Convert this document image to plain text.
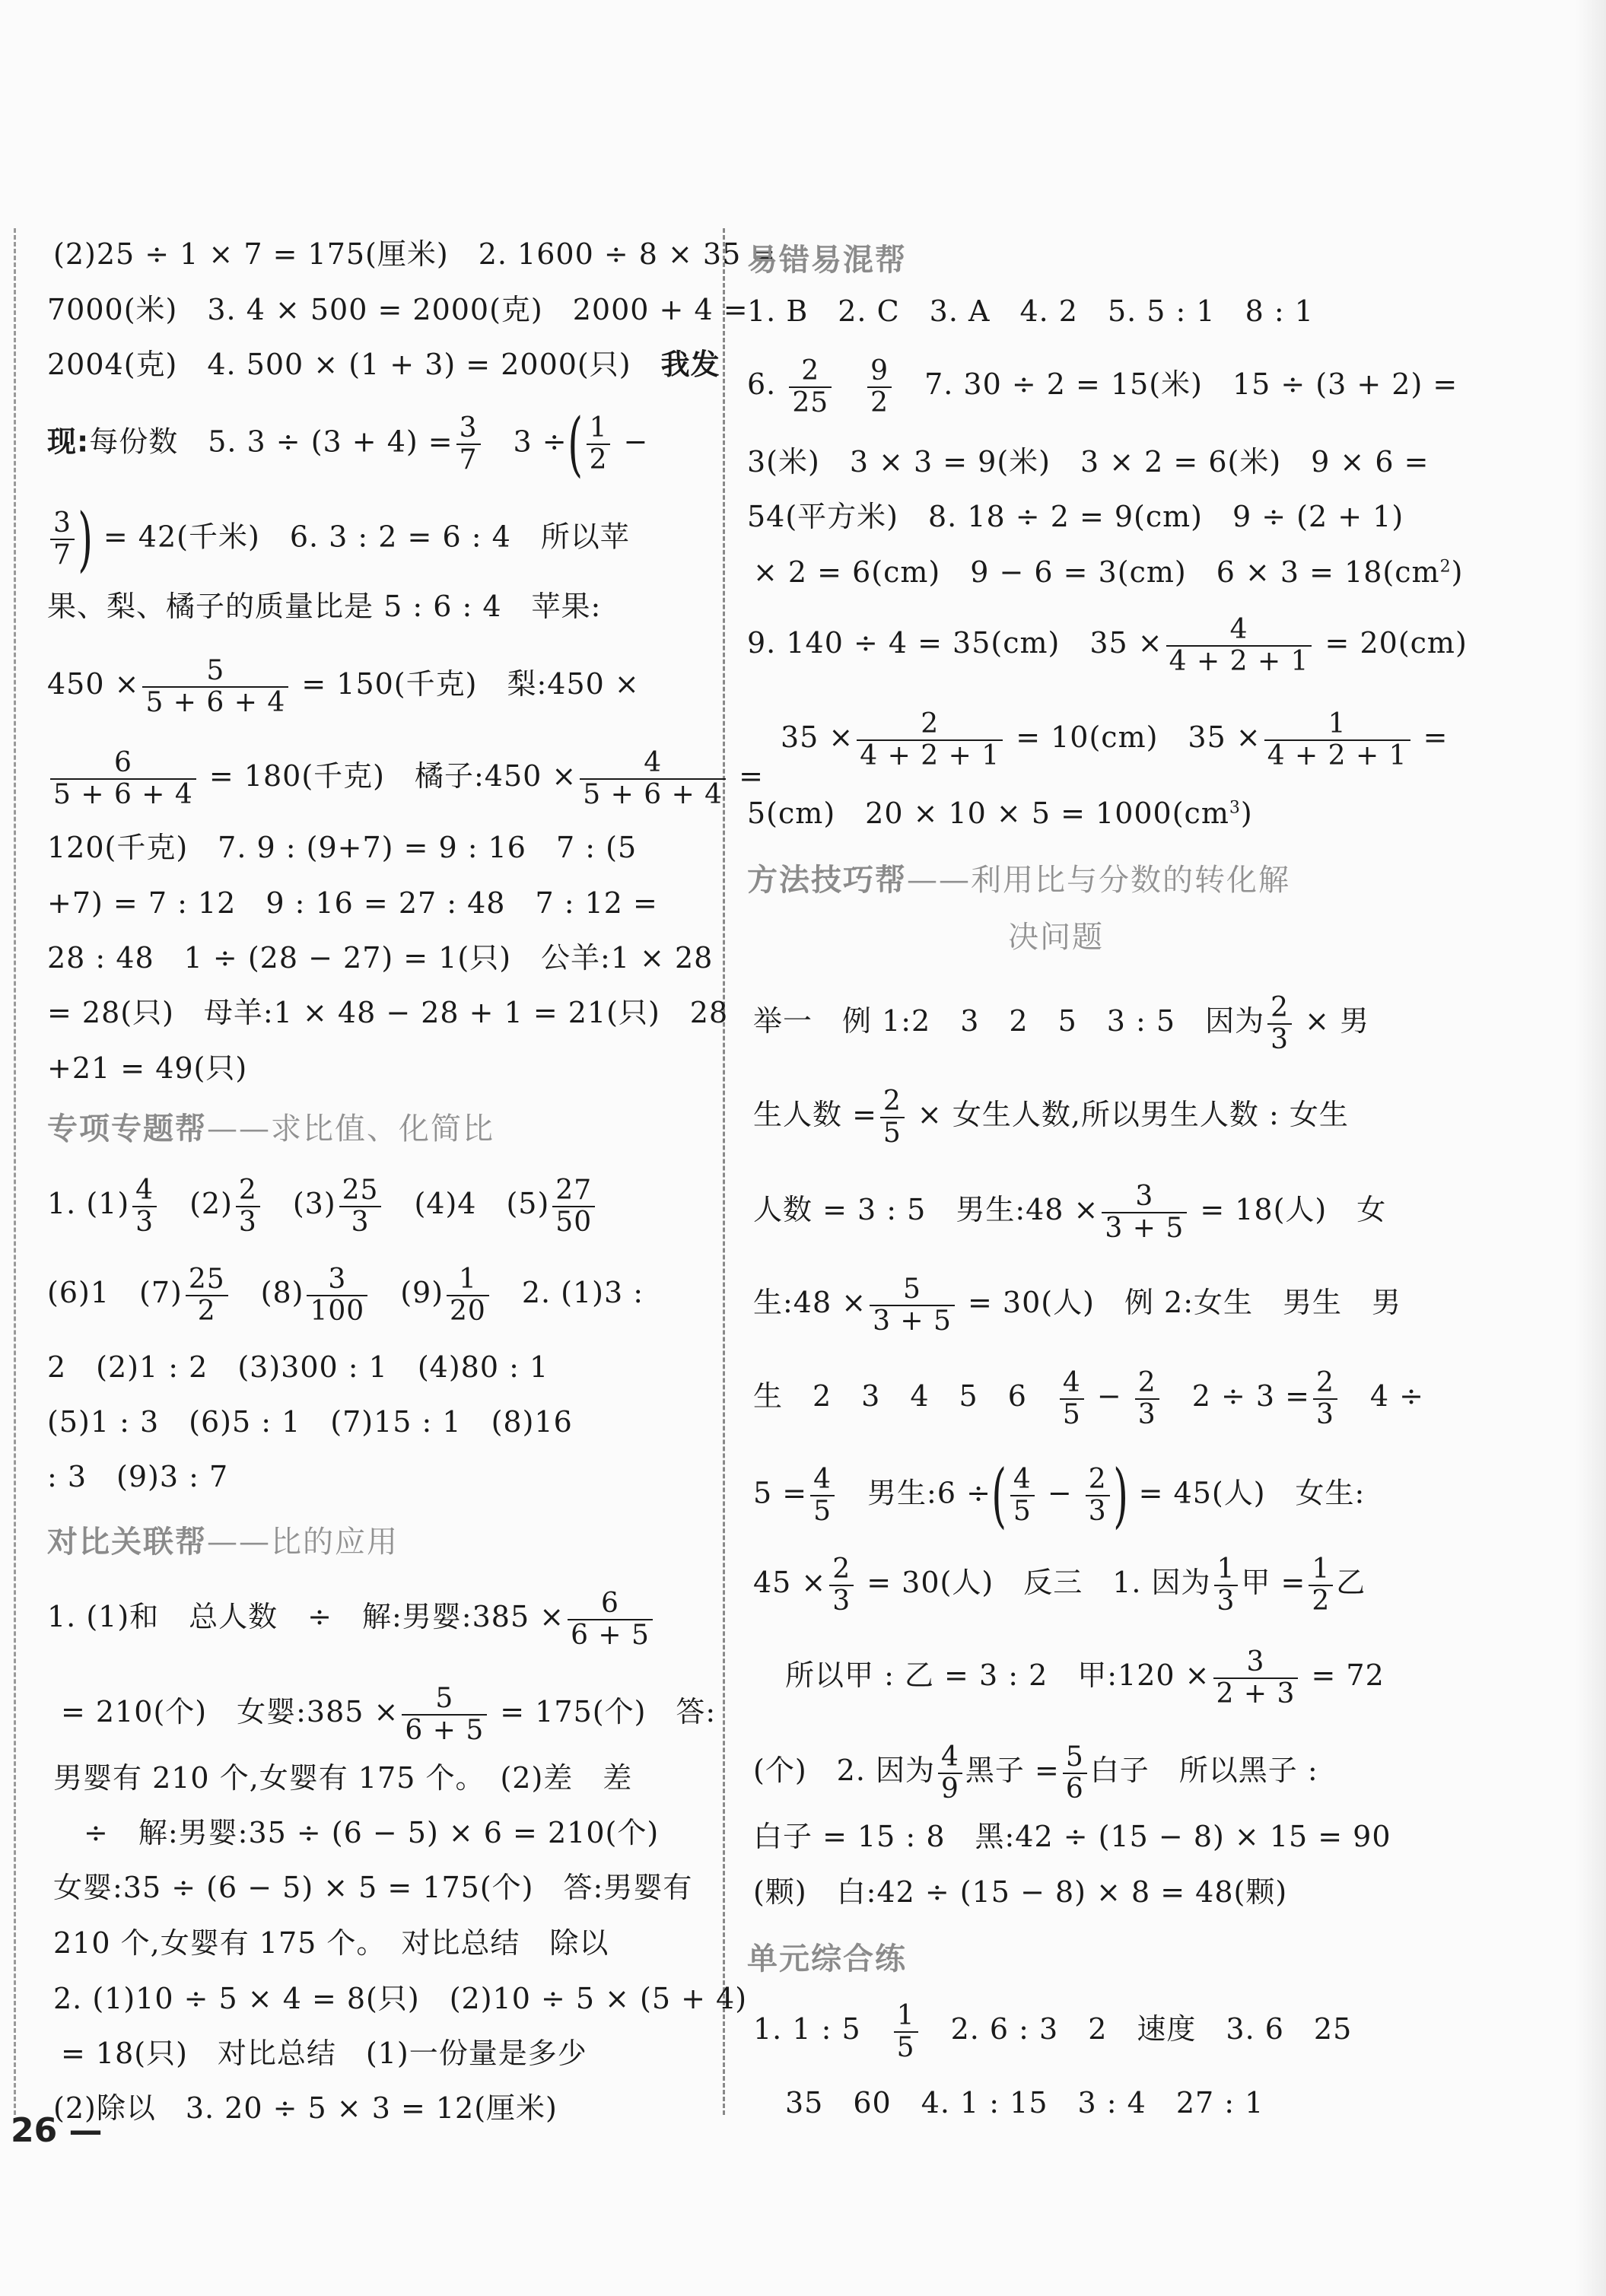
(2)25 ÷ 1 × 7 = 175(厘米)　2. 1600 ÷ 8 × 35 =
7000(米)　3. 4 × 500 = 2000(克)　2000 + 4 =
2004(克)　4. 500 × (1 + 3) = 2000(只)　我发
现:每份数　5. $3 \div (3 + 4) = \frac{3}{7}$ 　3 ÷( $\frac{1}{2}$ −
$\frac{3}{7}$ ) = 42(千米)　6. 3 : 2 = 6 : 4　所以苹
果、梨、橘子的质量比是 5 : 6 : 4　苹果:
$450 \times \frac{5}{5 + 6 + 4} = 150$(千克)　梨:450 ×
$\frac{6}{5 + 6 + 4} = 180$(千克)　橘子:450 × $\frac{4}{5 + 6 + 4}$ =
120(千克)　7. 9 : (9+7) = 9 : 16　7 : (5
+7) = 7 : 12　9 : 16 = 27 : 48　7 : 12 =
28 : 48　1 ÷ (28 − 27) = 1(只)　公羊:1 × 28
= 28(只)　母羊:1 × 48 − 28 + 1 = 21(只)　28
+21 = 49(只)
专项专题帮——求比值、化简比
1. $(1) \frac{4}{3}$ 　$(2) \frac{2}{3}$ 　$(3) \frac{25}{3}$ 　(4)4　$(5) \frac{27}{50}$
(6)1　$(7) \frac{25}{2}$ 　$(8) \frac{3}{100}$ 　$(9) \frac{1}{20}$ 　2. (1)3 :
2　(2)1 : 2　(3)300 : 1　(4)80 : 1
(5)1 : 3　(6)5 : 1　(7)15 : 1　(8)16
: 3　(9)3 : 7
对比关联帮——比的应用
1. (1)和　总人数　÷　解:男婴:385 × $\frac{6}{6 + 5}$
= 210(个)　女婴:385 × $\frac{5}{6 + 5} = 175$(个)　答:
男婴有 210 个,女婴有 175 个。　(2)差　差
÷　解:男婴:35 ÷ (6 − 5) × 6 = 210(个)
女婴:35 ÷ (6 − 5) × 5 = 175(个)　答:男婴有
210 个,女婴有 175 个。　对比总结　除以
2. (1)10 ÷ 5 × 4 = 8(只)　(2)10 ÷ 5 × (5 + 4)
= 18(只)　对比总结　(1)一份量是多少
(2)除以　3. 20 ÷ 5 × 3 = 12(厘米)
易错易混帮
1. B　2. C　3. A　4. 2　5. 5 : 1　8 : 1
6. $\frac{2}{25}$
　 $\frac{9}{2}$ 　7. 30 ÷ 2 = 15(米)　15 ÷ (3 + 2) =
3(米)　3 × 3 = 9(米)　3 × 2 = 6(米)　9 × 6 =
54(平方米)　8. 18 ÷ 2 = 9(cm)　9 ÷ (2 + 1)
× 2 = 6(cm)　9 − 6 = 3(cm)　$6 \times 3 = 18(cm^2)$
9. 140 ÷ 4 = 35(cm)　$35 \times \frac{4}{4 + 2 + 1} = 20(cm)$
$35 \times \frac{2}{4 + 2 + 1} = 10(cm)$　$35 \times \frac{1}{4 + 2 + 1}$ =
5(cm)　$20 \times 10 \times 5 = 1000(cm^3)$
方法技巧帮——利用比与分数的转化解
决问题
举一　例 1:2　3　2　5　3 : 5　因为 $\frac{2}{3}$ × 男
生人数 = $\frac{2}{5}$ × 女生人数,所以男生人数 : 女生
人数 = 3 : 5　男生:48 × $\frac{3}{3 + 5} = 18$(人)　女
生:48 × $\frac{5}{3 + 5} = 30$(人)　例 2:女生　男生　男
生　2　3　4　5　6　 $\frac{4}{5} - \frac{2}{3}$ 　$2 \div 3 = \frac{2}{3}$ 　4 ÷
$5 = \frac{4}{5}$ 　男生:6 ÷( $\frac{4}{5} - \frac{2}{3}$ ) = 45(人)　女生:
$45 \times \frac{2}{3} = 30$(人)　反三　1. 因为 $\frac{1}{3}$ 甲 = $\frac{1}{2}$ 乙
所以甲 : 乙 = 3 : 2　甲:120 × $\frac{3}{2 + 3} = 72$
(个)　2. 因为 $\frac{4}{9}$ 黑子 = $\frac{5}{6}$ 白子　所以黑子 :
白子 = 15 : 8　黑:42 ÷ (15 − 8) × 15 = 90
(颗)　白:42 ÷ (15 − 8) × 8 = 48(颗)
单元综合练
1. 1 : 5　 $\frac{1}{5}$ 　2. 6 : 3　2　速度　3. 6　25
35　60　4. 1 : 15　3 : 4　27 : 1
26 —
